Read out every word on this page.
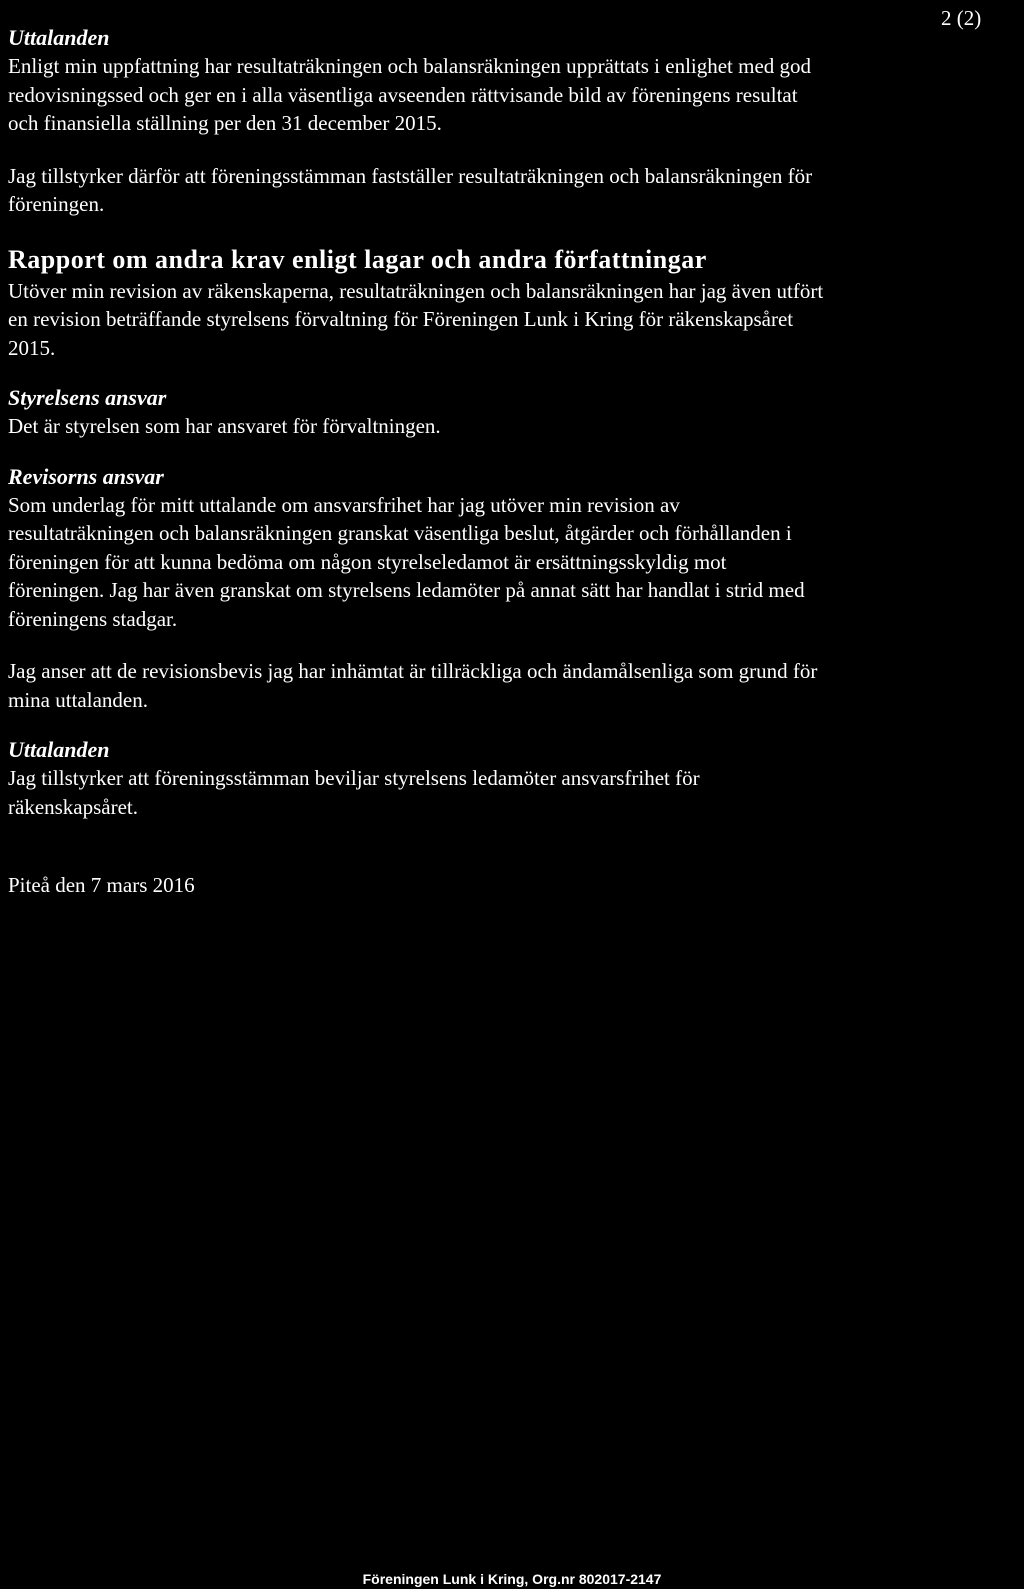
2 (2)
Uttalanden

Enligt min uppfattning har resultaträkningen och balansräkningen upprättats i enlighet med god
redovisningssed och ger en i alla väsentliga avseenden rättvisande bild av föreningens resultat
och finansiella ställning per den 31 december 2015.

Jag tillstyrker därför att föreningsstämman fastställer resultaträkningen och balansräkningen för
föreningen.

Rapport om andra krav enligt lagar och andra författningar

Utöver min revision av räkenskaperna, resultaträkningen och balansräkningen har jag även utfört
en revision beträffande styrelsens förvaltning för Föreningen Lunk i Kring för räkenskapsåret
2015.

Styrelsens ansvar

Det är styrelsen som har ansvaret för förvaltningen.

Revisorns ansvar

Som underlag för mitt uttalande om ansvarsfrihet har jag utöver min revision av
resultaträkningen och balansräkningen granskat väsentliga beslut, åtgärder och förhållanden i
föreningen för att kunna bedöma om någon styrelseledamot är ersättningsskyldig mot
föreningen. Jag har även granskat om styrelsens ledamöter på annat sätt har handlat i strid med
föreningens stadgar.

Jag anser att de revisionsbevis jag har inhämtat är tillräckliga och ändamålsenliga som grund för
mina uttalanden.

Uttalanden

Jag tillstyrker att föreningsstämman beviljar styrelsens ledamöter ansvarsfrihet för
räkenskapsåret.

Piteå den 7 mars 2016

Föreningen Lunk i Kring, Org.nr 802017-2147
